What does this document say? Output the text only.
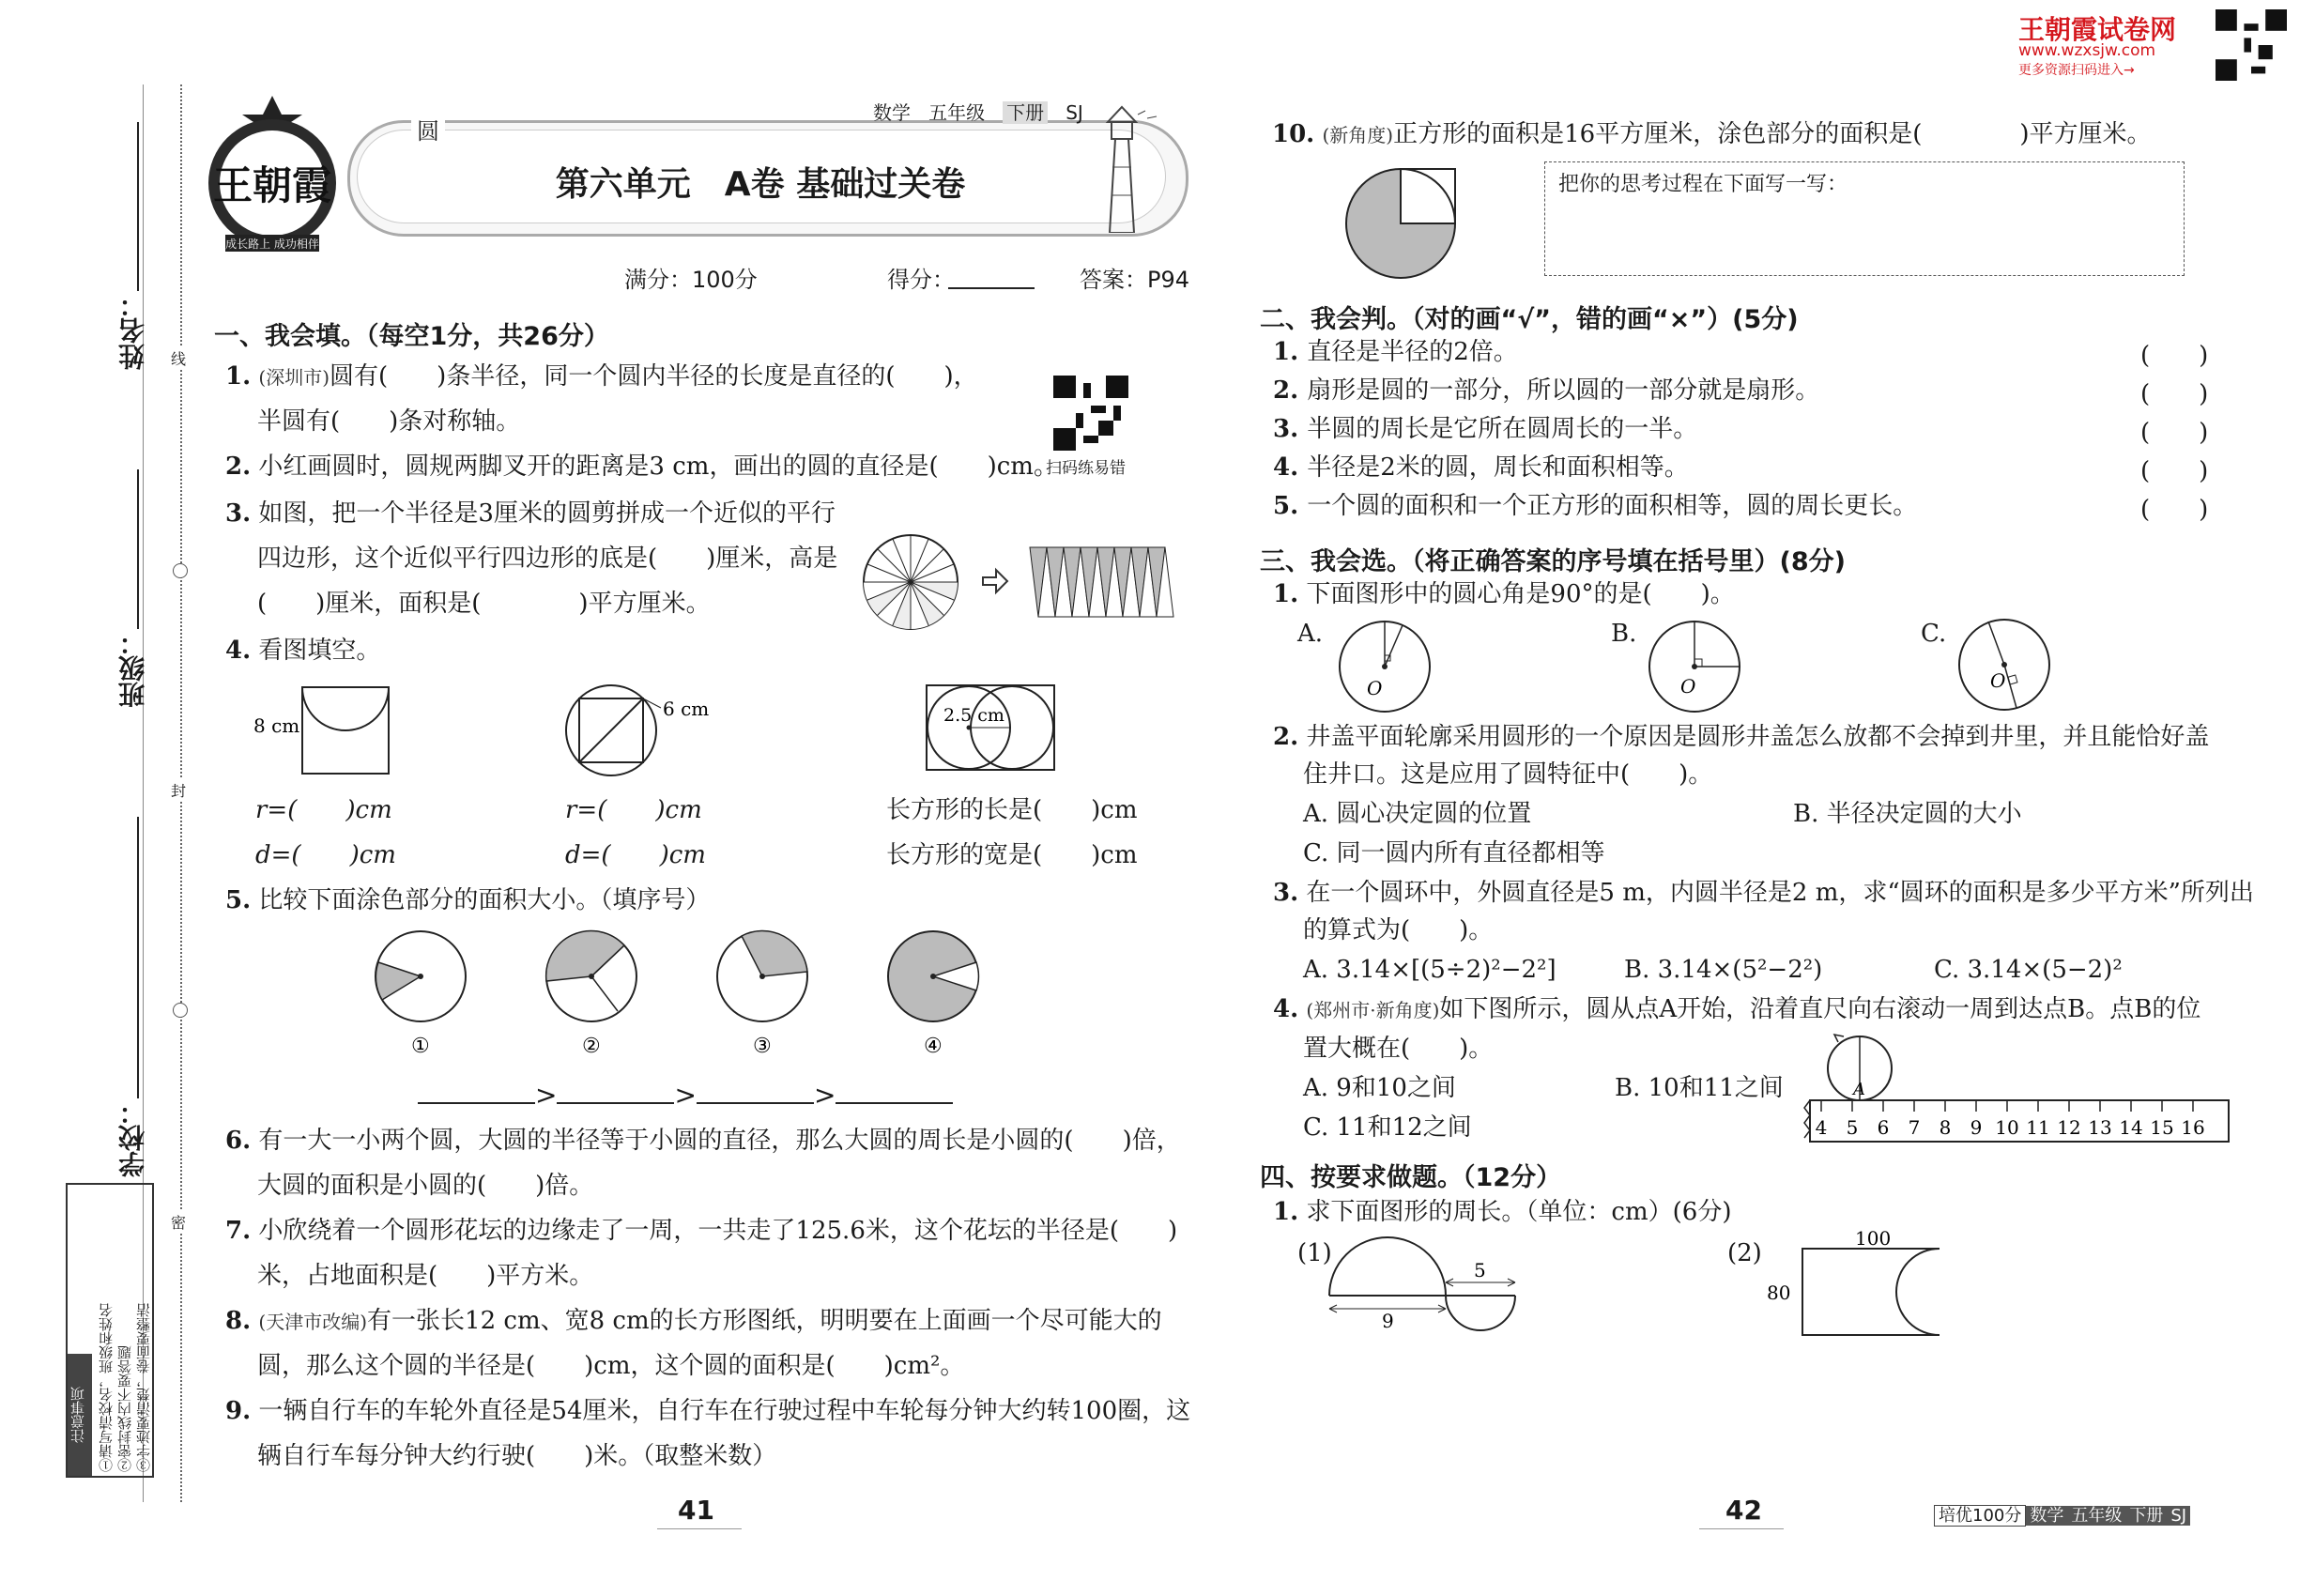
姓名：
班级：
学校：
线
封
密
注意事项 ①请写清校名，班级和姓名 ②密封线内不要答题 ③字迹要清楚，卷面要整洁
王朝霞
成长路上 成功相伴
圆
数学 五年级 下册 SJ
第六单元　A卷 基础过关卷
满分：100分	得分：	答案：P94
扫码练易错
王朝霞试卷网
www.wzxsjw.com
更多资源扫码进入→
一、我会填。（每空1分，共26分）
1. (深圳市)圆有(　　)条半径，同一个圆内半径的长度是直径的(　　)，
半圆有(　　)条对称轴。
2. 小红画圆时，圆规两脚叉开的距离是3 cm，画出的圆的直径是(　　)cm。
3. 如图，把一个半径是3厘米的圆剪拼成一个近似的平行
四边形，这个近似平行四边形的底是(　　)厘米，高是
(　　)厘米，面积是(　　　　)平方厘米。
4. 看图填空。
8 cm
6 cm	2.5 cm
r=(　　)cm
d=(　　)cm
r=(　　)cm
d=(　　)cm
长方形的长是(　　)cm
长方形的宽是(　　)cm
5. 比较下面涂色部分的面积大小。（填序号）
①	②	③	④
>	>	>
6. 有一大一小两个圆，大圆的半径等于小圆的直径，那么大圆的周长是小圆的(　　)倍，
大圆的面积是小圆的(　　)倍。
7. 小欣绕着一个圆形花坛的边缘走了一周，一共走了125.6米，这个花坛的半径是(　　)
米，占地面积是(　　)平方米。
8. (天津市改编)有一张长12 cm、宽8 cm的长方形图纸，明明要在上面画一个尽可能大的
圆，那么这个圆的半径是(　　)cm，这个圆的面积是(　　)cm²。
9. 一辆自行车的车轮外直径是54厘米，自行车在行驶过程中车轮每分钟大约转100圈，这
辆自行车每分钟大约行驶(　　)米。（取整米数）
41
10. (新角度)正方形的面积是16平方厘米，涂色部分的面积是(　　　　)平方厘米。
把你的思考过程在下面写一写：
二、我会判。（对的画“√”，错的画“×”）(5分)
1. 直径是半径的2倍。	(　　)
2. 扇形是圆的一部分，所以圆的一部分就是扇形。	(　　)
3. 半圆的周长是它所在圆周长的一半。	(　　)
4. 半径是2米的圆，周长和面积相等。	(　　)
5. 一个圆的面积和一个正方形的面积相等，圆的周长更长。	(　　)
三、我会选。（将正确答案的序号填在括号里）(8分)
1. 下面图形中的圆心角是90°的是(　　)。
A.
O
B.
O
C.
O
2. 井盖平面轮廓采用圆形的一个原因是圆形井盖怎么放都不会掉到井里，并且能恰好盖
住井口。这是应用了圆特征中(　　)。
A. 圆心决定圆的位置	B. 半径决定圆的大小
C. 同一圆内所有直径都相等
3. 在一个圆环中，外圆直径是5 m，内圆半径是2 m，求“圆环的面积是多少平方米”所列出
的算式为(　　)。
A. 3.14×[(5÷2)²−2²]	B. 3.14×(5²−2²)	C. 3.14×(5−2)²
4. (郑州市·新角度)如下图所示，圆从点A开始，沿着直尺向右滚动一周到达点B。点B的位
置大概在(　　)。
A. 9和10之间	B. 10和11之间
C. 11和12之间
A
4 5 6 7 8 9 10 11 12 13 14 15 16
四、按要求做题。（12分）
1. 求下面图形的周长。（单位：cm）(6分)
(1)
9
5
(2)
100
80
42	培优100分 数学 五年级 下册 SJ
